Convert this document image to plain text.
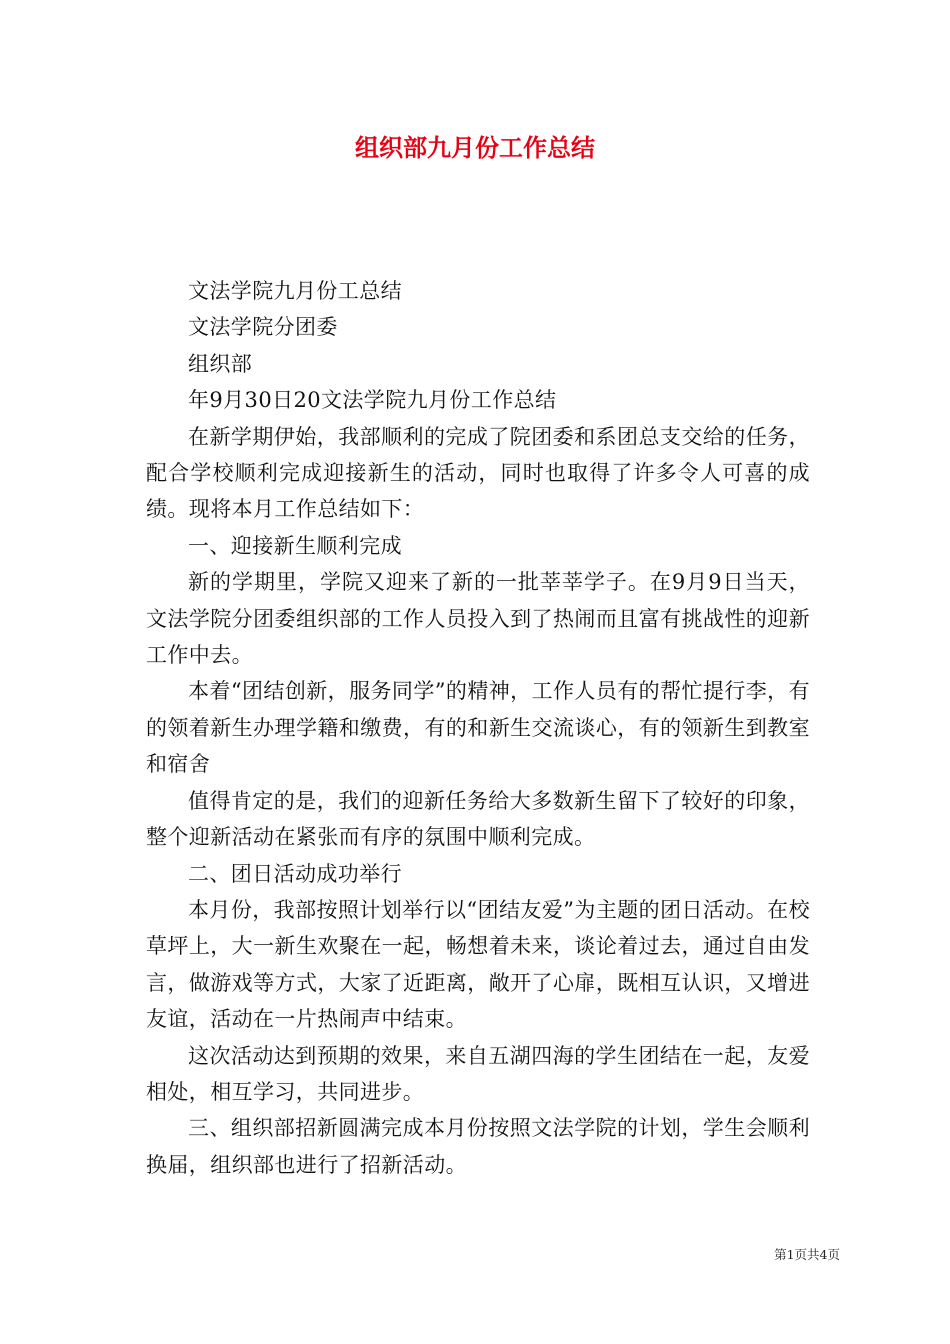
组织部九月份工作总结

文法学院九月份工总结

文法学院分团委

组织部

年9月30日20文法学院九月份工作总结

在新学期伊始，我部顺利的完成了院团委和系团总支交给的任务，配合学校顺利完成迎接新生的活动，同时也取得了许多令人可喜的成绩。现将本月工作总结如下：

一、迎接新生顺利完成

新的学期里，学院又迎来了新的一批莘莘学子。在9月9日当天，文法学院分团委组织部的工作人员投入到了热闹而且富有挑战性的迎新工作中去。

本着“团结创新，服务同学”的精神，工作人员有的帮忙提行李，有的领着新生办理学籍和缴费，有的和新生交流谈心，有的领新生到教室和宿舍

值得肯定的是，我们的迎新任务给大多数新生留下了较好的印象，整个迎新活动在紧张而有序的氛围中顺利完成。

二、团日活动成功举行

本月份，我部按照计划举行以“团结友爱”为主题的团日活动。在校草坪上，大一新生欢聚在一起，畅想着未来，谈论着过去，通过自由发言，做游戏等方式，大家了近距离，敞开了心扉，既相互认识，又增进友谊，活动在一片热闹声中结束。

这次活动达到预期的效果，来自五湖四海的学生团结在一起，友爱相处，相互学习，共同进步。

三、组织部招新圆满完成本月份按照文法学院的计划，学生会顺利换届，组织部也进行了招新活动。

第1页共4页
